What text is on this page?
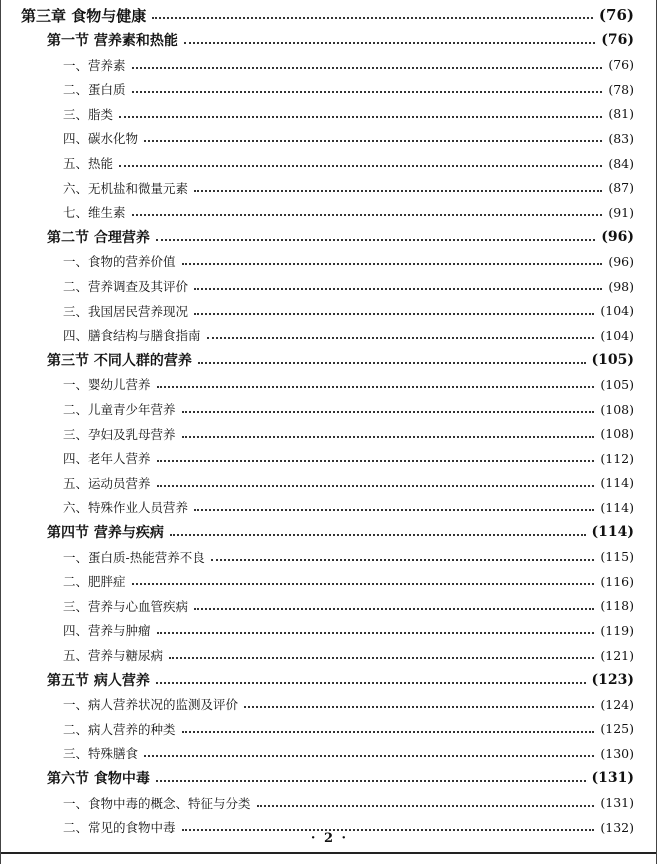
第三章 食物与健康	(76)
第一节 营养素和热能	(76)
一、营养素	(76)
二、蛋白质	(78)
三、脂类	(81)
四、碳水化物	(83)
五、热能	(84)
六、无机盐和微量元素	(87)
七、维生素	(91)
第二节 合理营养	(96)
一、食物的营养价值	(96)
二、营养调查及其评价	(98)
三、我国居民营养现况	(104)
四、膳食结构与膳食指南	(104)
第三节 不同人群的营养	(105)
一、婴幼儿营养	(105)
二、儿童青少年营养	(108)
三、孕妇及乳母营养	(108)
四、老年人营养	(112)
五、运动员营养	(114)
六、特殊作业人员营养	(114)
第四节 营养与疾病	(114)
一、蛋白质-热能营养不良	(115)
二、肥胖症	(116)
三、营养与心血管疾病	(118)
四、营养与肿瘤	(119)
五、营养与糖尿病	(121)
第五节 病人营养	(123)
一、病人营养状况的监测及评价	(124)
二、病人营养的种类	(125)
三、特殊膳食	(130)
第六节 食物中毒	(131)
一、食物中毒的概念、特征与分类	(131)
二、常见的食物中毒	(132)
· 2 ·
